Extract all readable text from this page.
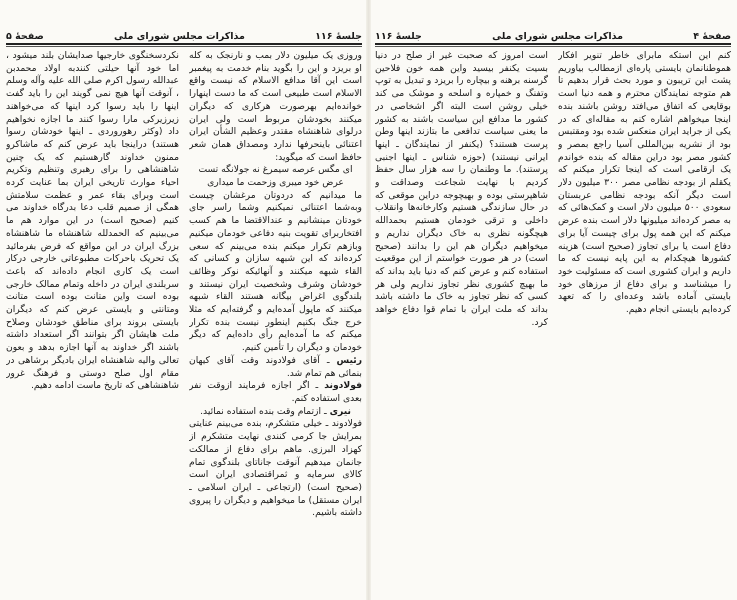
جلسهٔ ۱۱۶
مذاکرات مجلس شورای ملی
صفحهٔ ۵

وروزی یک میلیون دلار بمب و نارنجک به کله او بریزد و این را بگوید بنام خدمت به پیغمبر است این آقا مدافع الاسلام که نیست واقع الاسلام است طبیعی است که ما دست اینهارا خوانده‌ایم بهرصورت هرکاری که دیگران میکنند بخودشان مربوط است ولی ایران درلوای شاهنشاه مقتدر وعظیم الشأن ایران اعتنائی باینحرفها ندارد ومصداق همان شعر حافظ است که میگوید:

ای مگس عرصه سیمرغ نه جولانگه تست

عرض خود میبری وزحمت ما میداری

ما میدانیم که دردوتان مرغشان چیست وبه‌شما اعتنائی نمیکنیم وشما راسر جای خودتان مینشانیم و عندالاقتضا ما هم کسب افتخاربرای تقویت بنیه دفاعی خودمان میکنیم وبازهم تکرار میکنم بنده می‌بینم که سعی کرده‌اند که این شبهه سازان و کسانی که القاء شبهه میکنند و آنهائیکه نوکر وظائف خودشان وشرف وشخصیت ایران نیستند و بلندگوی اغراض بیگانه هستند القاء شبهه میکنند که ماپول آمده‌ایم و گرفته‌ایم که مثلا خرج جنگ بکنیم اینطور نیست بنده تکرار میکنم که ما آمده‌ایم رأی داده‌ایم که دیگر خودمان و دیگران را تأمین کنیم.

رئیس ـ آقای فولادوند وقت آقای کیهان بنمائی هم تمام شد.

فولادوند ـ اگر اجازه فرمایند ازوقت نفر بعدی استفاده کنم.

نیری ـ ازتمام وقت بنده استفاده نمائید.

فولادوند ـ خیلی متشکرم، بنده می‌بینم عنایتی بمرایش جا کرمی کنندی نهایت متشکرم از کهزاد البرزی. ماهم برای دفاع از ممالکت جانمان میدهیم آنوقت جاناتای بلندگوی تمام کالای سرمایه و ثمراقتصادی ایران است (صحیح است) (ارتجاعی ـ ایران اسلامی ـ ایران مستقل) ما میخواهیم و دیگران را پیروی داشته باشیم.

نکردسخنگوی خارجیها صدایشان بلند میشود ، اما خود آنها حیلتی کنندبه اولاد محمدبن عبدالله رسول اکرم صلی الله علیه وآله وسلم ، آنوقت آنها هیچ نمی گویند این را باید گفت اینها را باید رسوا کرد اینها که می‌خواهند زیرزیرکی مارا رسوا کنند ما اجازه نخواهیم داد (وکثر رهوروردی ـ اینها خودشان رسوا هستند) دراینجا باید عرض کنم که ماشاکرو ممنون خداوند گارهستیم که یک چنین شاهنشاهی را برای رهبری وتنظیم وتکریم احیاء موارث تاریخی ایران بما عنایت کرده است وبرای بقاء عمر و عظمت سلامتش همگی از صمیم قلب دعا بدرگاه خداوند می کنیم (صحیح است) در این موارد هم ما می‌بینیم که الحمدلله شاهنشاه ما شاهنشاه بزرگ ایران در این مواقع که فرض بفرمائید یک تحریک باحرکات مطبوعاتی خارجی درکار است یک کاری انجام داده‌اند که باعث سربلندی ایران در داخله وتمام ممالک خارجی بوده است واین متانت بوده است متانت ومتانتی و بایستی عرض کنم که دیگران بایستی بروند برای مناطق خودشان وصلاح ملت هایشان اگر بتوانند اگر استعداد داشته باشند اگر خداوند به آنها اجازه بدهد و بعون تعالی والیه شاهنشاه ایران بادیگر برشاهی در مقام اول صلح دوستی و فرهنگ غرور شاهنشاهی که تاریخ ماست ادامه دهیم.

صفحهٔ ۴
مذاکرات مجلس شورای ملی
جلسهٔ ۱۱۶

کنم این استکه مابرای خاطر تنویر افکار هموطنانمان بایستی پاره‌ای ازمطالب بیاوریم پشت این تریبون و مورد بحث قرار بدهیم تا هم متوجه نمایندگان محترم و همه دنیا است بوقایعی که اتفاق می‌افتد روشن باشند بنده اینجا میخواهم اشاره کنم به مقاله‌ای که در یکی از جراید ایران منعکس شده بود ومقتبس بود از نشریه بین‌المللی آسیا راجع بمصر و کشور مصر بود دراین مقاله که بنده خواندم یک ارقامی است که اینجا تکرار میکنم که یکقلم از بودجه نظامی مصر ۳۰۰ میلیون دلار است دیگر آنکه بودجه نظامی عربستان سعودی ۵۰۰ میلیون دلار است و کمک‌هائی که به مصر کرده‌اند میلیونها دلار است بنده عرض میکنم که این همه پول برای چیست آیا برای دفاع است یا برای تجاوز (صحیح است) هزینه کشورها هیچکدام به این پایه نیست که ما داریم و ایران کشوری است که مسئولیت خود را میشناسد و برای دفاع از مرزهای خود بایستی آماده باشد وعده‌ای را که تعهد کرده‌ایم بایستی انجام دهیم.

است امروز که صحبت غیر از صلح در دنیا بسیت یکنفر بیسید واین همه خون فلاحین گرسنه برهنه و بیچاره را بریزد و تبدیل به توپ وتفنگ و خمپاره و اسلحه و موشک می کند خیلی روشن است البته اگر اشخاصی در کشور ما مدافع این سیاست باشند به کشور ما یعنی سیاست تدافعی ما بتازند اینها وطن پرست هستند؟ (یکنفر از نمایندگان ـ اینها ایرانی نیستند) (حوزه شناس ـ اینها اجنبی پرستند). ما وطنمان را سه هزار سال حفظ کردیم با نهایت شجاعت وصداقت و شاهپرستی بوده و بهیچوجه دراین موقعی که در حال سازندگی هستیم وکارخانه‌ها وانقلاب داخلی و ترقی خودمان هستیم بحمدالله هیچگونه نظری به خاک دیگران نداریم و میخواهیم دیگران هم این را بدانند (صحیح است) در هر صورت خواستم از این موقعیت استفاده کنم و عرض کنم که دنیا باید بداند که ما بهیچ کشوری نظر تجاوز نداریم ولی هر کسی که نظر تجاوز به خاک ما داشته باشد بداند که ملت ایران با تمام قوا دفاع خواهد کرد.
